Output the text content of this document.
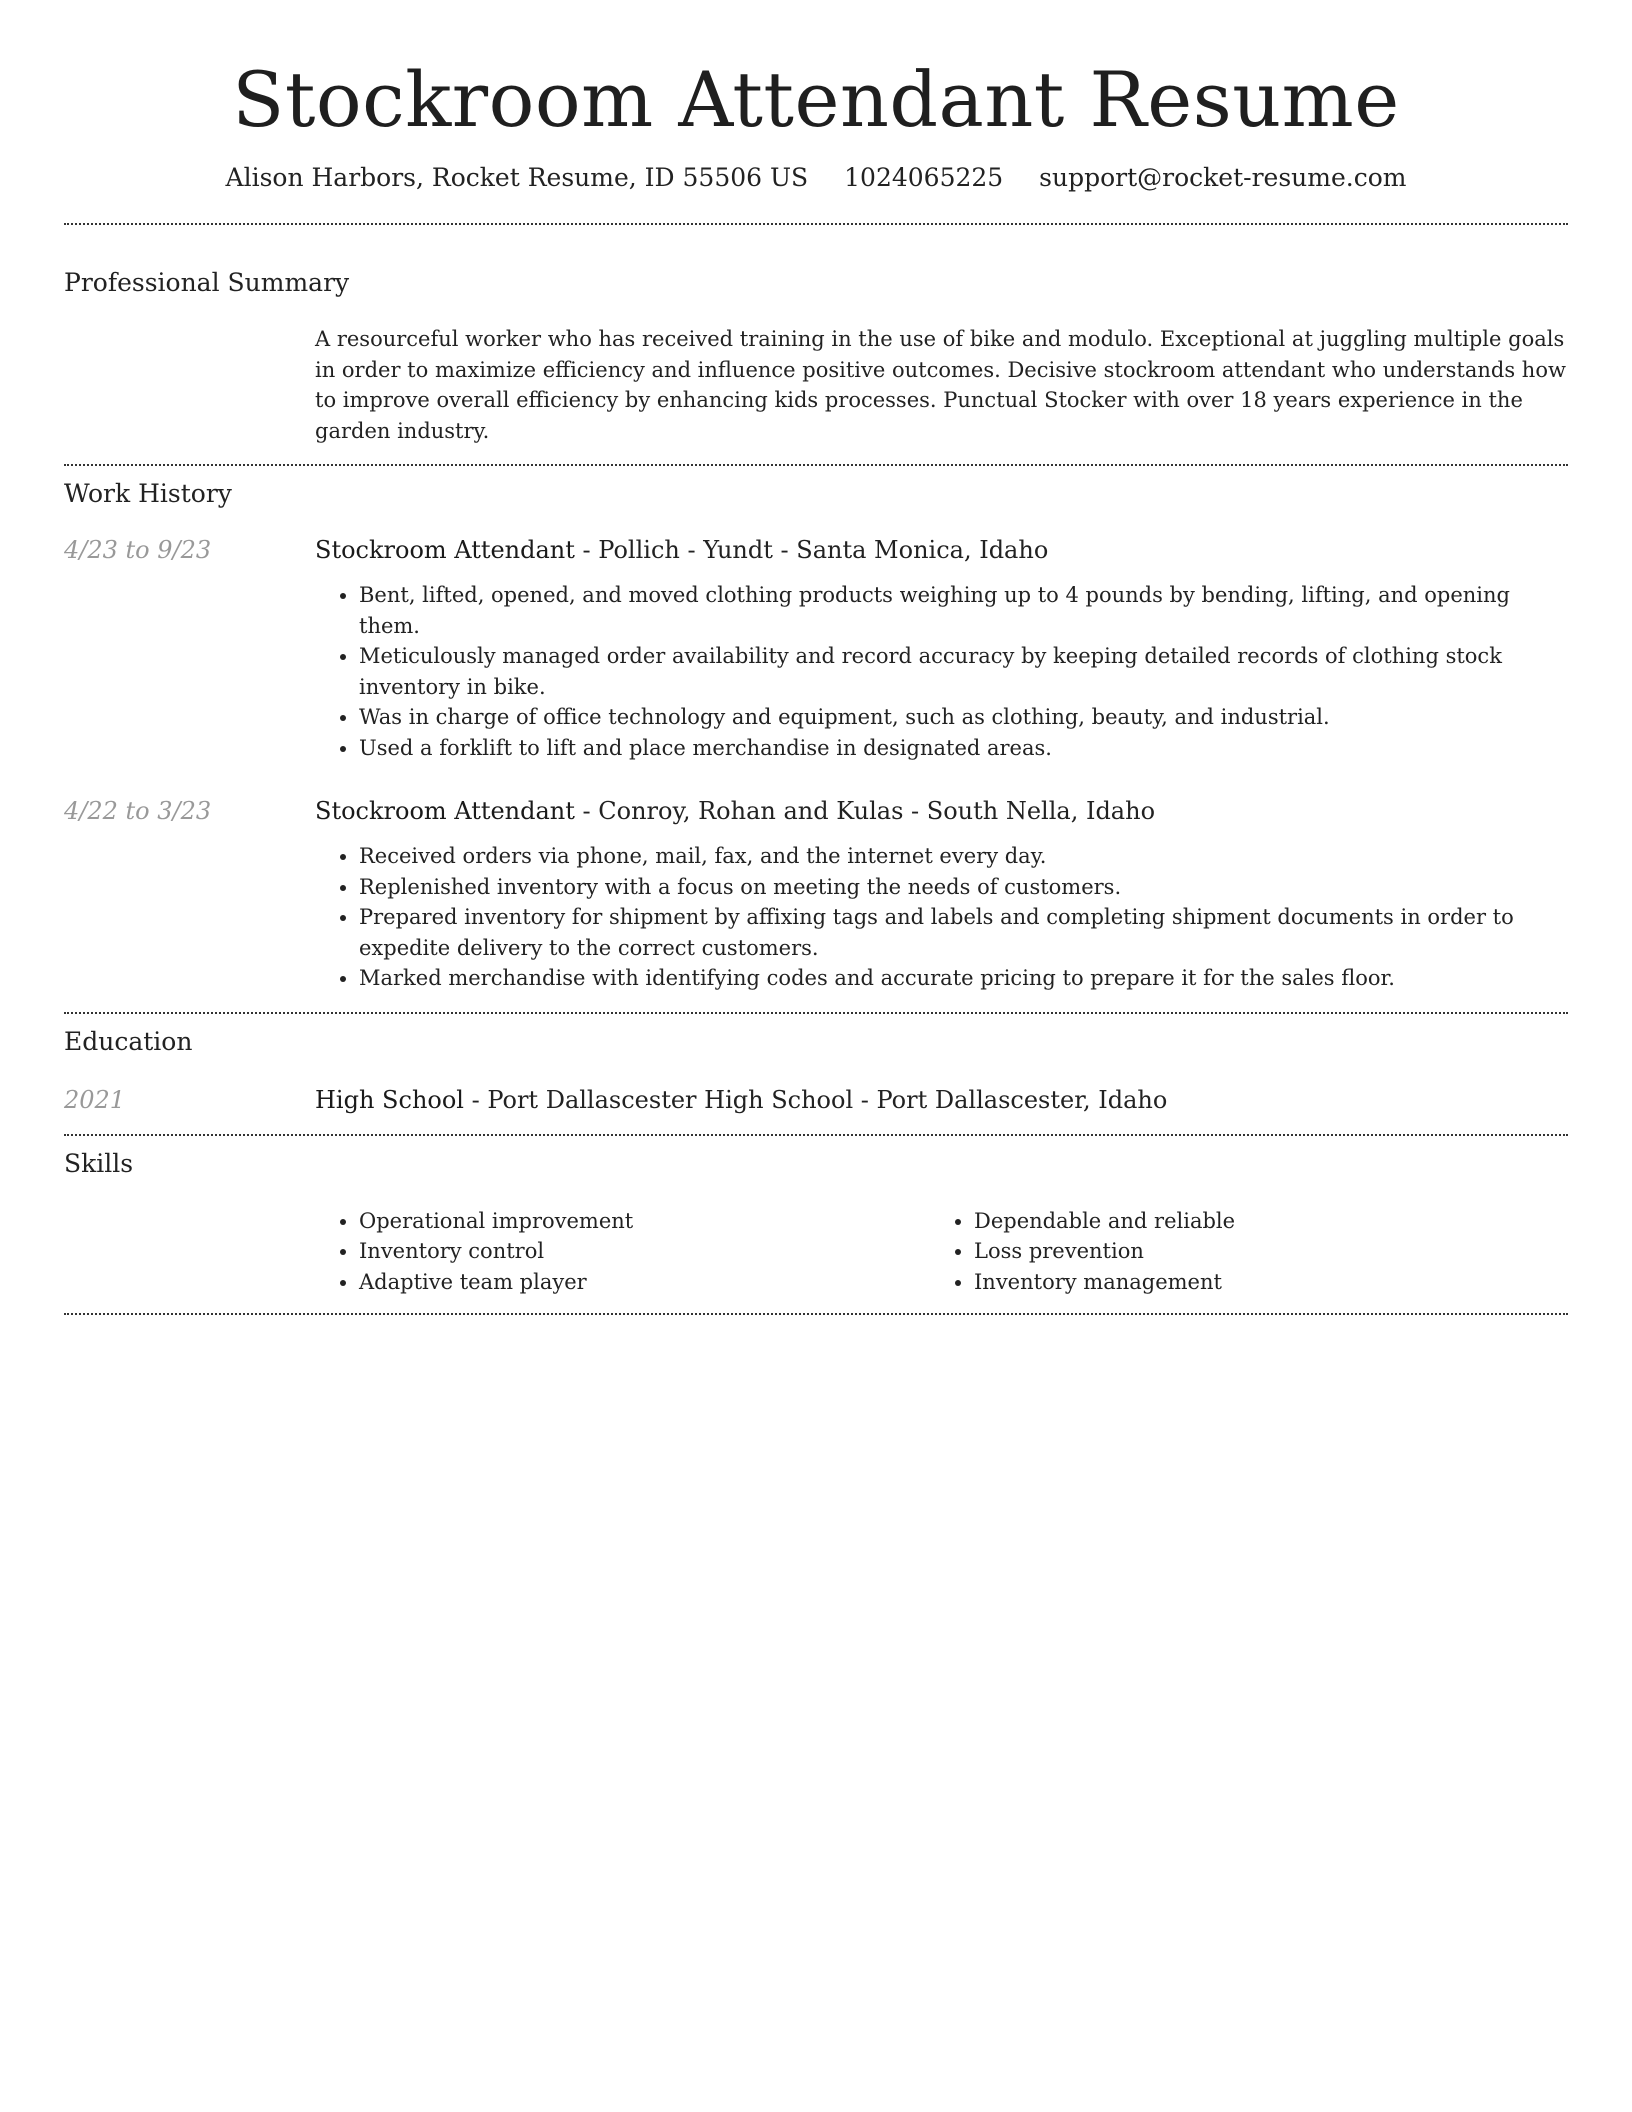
Stockroom Attendant Resume
Alison Harbors, Rocket Resume, ID 55506 US 1024065225 support@rocket-resume.com
Professional Summary

A resourceful worker who has received training in the use of bike and modulo. Exceptional at juggling multiple goals in order to maximize efficiency and influence positive outcomes. Decisive stockroom attendant who understands how to improve overall efficiency by enhancing kids processes. Punctual Stocker with over 18 years experience in the garden industry.

Work History
4/23 to 9/23	Stockroom Attendant - Pollich - Yundt - Santa Monica, Idaho
• Bent, lifted, opened, and moved clothing products weighing up to 4 pounds by bending, lifting, and opening them.
• Meticulously managed order availability and record accuracy by keeping detailed records of clothing stock inventory in bike.
• Was in charge of office technology and equipment, such as clothing, beauty, and industrial.
• Used a forklift to lift and place merchandise in designated areas.
4/22 to 3/23	Stockroom Attendant - Conroy, Rohan and Kulas - South Nella, Idaho
• Received orders via phone, mail, fax, and the internet every day.
• Replenished inventory with a focus on meeting the needs of customers.
• Prepared inventory for shipment by affixing tags and labels and completing shipment documents in order to expedite delivery to the correct customers.
• Marked merchandise with identifying codes and accurate pricing to prepare it for the sales floor.
Education
2021	High School - Port Dallascester High School - Port Dallascester, Idaho
Skills
• Operational improvement
• Inventory control
• Adaptive team player
• Dependable and reliable
• Loss prevention
• Inventory management
